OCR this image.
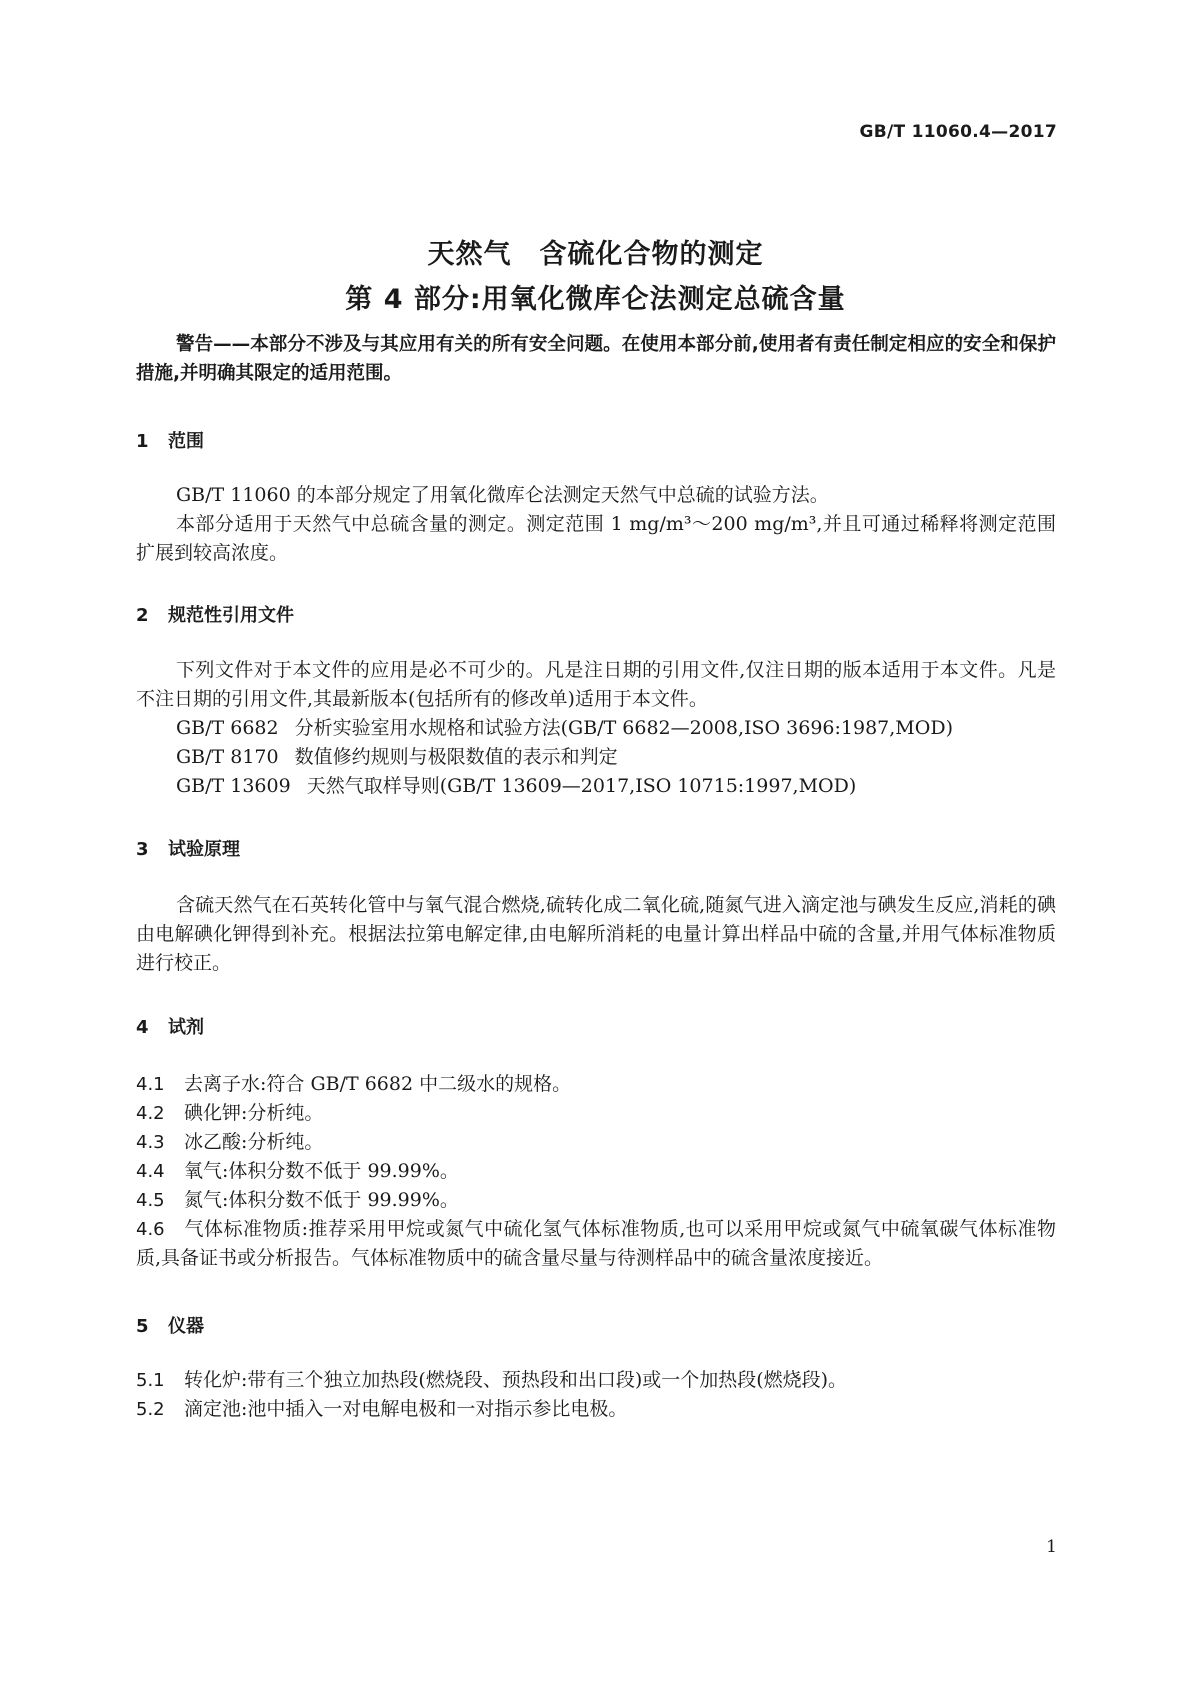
GB/T 11060.4—2017
天然气　含硫化合物的测定
第 4 部分:用氧化微库仑法测定总硫含量

警告——本部分不涉及与其应用有关的所有安全问题。在使用本部分前,使用者有责任制定相应的安全和保护措施,并明确其限定的适用范围。

1 范围

GB/T 11060 的本部分规定了用氧化微库仑法测定天然气中总硫的试验方法。

本部分适用于天然气中总硫含量的测定。测定范围 1 mg/m³～200 mg/m³,并且可通过稀释将测定范围扩展到较高浓度。

2 规范性引用文件

下列文件对于本文件的应用是必不可少的。凡是注日期的引用文件,仅注日期的版本适用于本文件。凡是不注日期的引用文件,其最新版本(包括所有的修改单)适用于本文件。

GB/T 6682 分析实验室用水规格和试验方法(GB/T 6682—2008,ISO 3696:1987,MOD)

GB/T 8170 数值修约规则与极限数值的表示和判定

GB/T 13609 天然气取样导则(GB/T 13609—2017,ISO 10715:1997,MOD)

3 试验原理

含硫天然气在石英转化管中与氧气混合燃烧,硫转化成二氧化硫,随氮气进入滴定池与碘发生反应,消耗的碘由电解碘化钾得到补充。根据法拉第电解定律,由电解所消耗的电量计算出样品中硫的含量,并用气体标准物质进行校正。

4 试剂

4.1 去离子水:符合 GB/T 6682 中二级水的规格。

4.2 碘化钾:分析纯。

4.3 冰乙酸:分析纯。

4.4 氧气:体积分数不低于 99.99%。

4.5 氮气:体积分数不低于 99.99%。

4.6 气体标准物质:推荐采用甲烷或氮气中硫化氢气体标准物质,也可以采用甲烷或氮气中硫氧碳气体标准物质,具备证书或分析报告。气体标准物质中的硫含量尽量与待测样品中的硫含量浓度接近。

5 仪器

5.1 转化炉:带有三个独立加热段(燃烧段、预热段和出口段)或一个加热段(燃烧段)。

5.2 滴定池:池中插入一对电解电极和一对指示参比电极。

1
